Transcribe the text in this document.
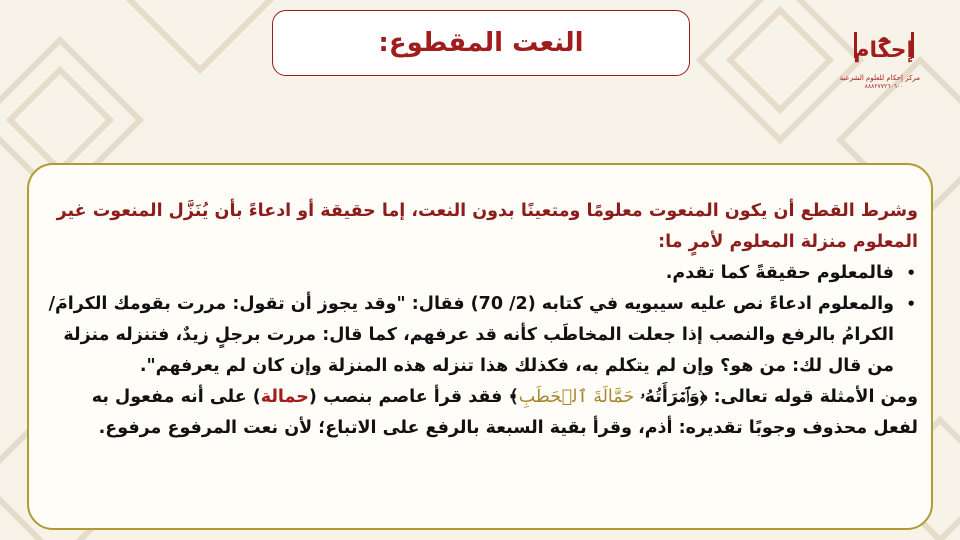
النعت المقطوع:	إحكام
مركز إحكام للعلوم الشرعية
٨٨٨٢٧٧٢٦٠٦٠٠

وشرط القطع أن يكون المنعوت معلومًا ومتعينًا بدون النعت، إما حقيقة أو ادعاءً بأن يُنَزَّل المنعوت غير المعلوم منزلة المعلوم لأمرٍ ما:

•
فالمعلوم حقيقةً كما تقدم.
•
والمعلوم ادعاءً نص عليه سيبويه في كتابه (2/ 70) فقال: "وقد يجوز أن تقول: مررت بقومك الكرامَ/ الكرامُ بالرفع والنصب إذا جعلت المخاطَب كأنه قد عرفهم، كما قال: مررت برجلٍ زيدٌ، فتنزله منزلة من قال لك: من هو؟ وإن لم يتكلم به، فكذلك هذا تنزله هذه المنزلة وإن كان لم يعرفهم".

ومن الأمثلة قوله تعالى: ﴿وَٱمۡرَأَتُهُۥ حَمَّالَةَ ٱلۡحَطَبِ﴾ فقد قرأ عاصم بنصب (حمالة) على أنه مفعول به لفعل محذوف وجوبًا تقديره: أذم، وقرأ بقية السبعة بالرفع على الاتباع؛ لأن نعت المرفوع مرفوع.
